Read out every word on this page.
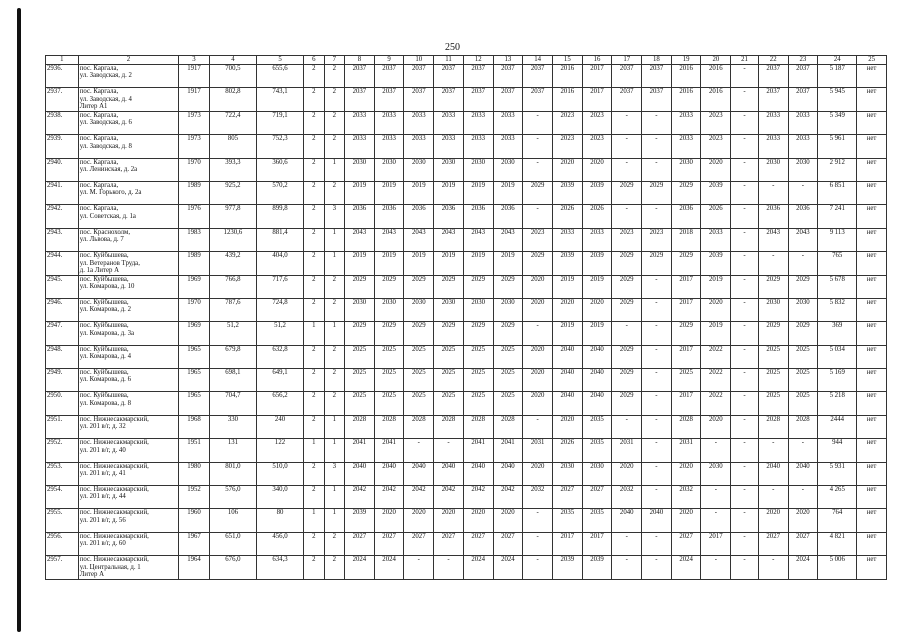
250
1	2	3	4	5	6	7	8	9	10	11	12	13	14	15	16	17	18	19	20	21	22	23	24	25
2936.	пос. Каргала,
ул. Заводская, д. 2	1917	700,5	655,6	2	2	2037	2037	2037	2037	2037	2037	2037	2016	2017	2037	2037	2016	2016	-	2037	2037	5 187	нет
2937.	пос. Каргала,
ул. Заводская, д. 4
Литер А1	1917	802,8	743,1	2	2	2037	2037	2037	2037	2037	2037	2037	2016	2017	2037	2037	2016	2016	-	2037	2037	5 945	нет
2938.	пос. Каргала,
ул. Заводская, д. 6	1973	722,4	719,1	2	2	2033	2033	2033	2033	2033	2033	-	2023	2023	-	-	2033	2023	-	2033	2033	5 349	нет
2939.	пос. Каргала,
ул. Заводская, д. 8	1973	805	752,3	2	2	2033	2033	2033	2033	2033	2033	-	2023	2023	-	-	2033	2023	-	2033	2033	5 961	нет
2940.	пос. Каргала,
ул. Ленинская, д. 2а	1970	393,3	360,6	2	1	2030	2030	2030	2030	2030	2030	-	2020	2020	-	-	2030	2020	-	2030	2030	2 912	нет
2941.	пос. Каргала,
ул. М. Горького, д. 2а	1989	925,2	570,2	2	2	2019	2019	2019	2019	2019	2019	2029	2039	2039	2029	2029	2029	2039	-	-	-	6 851	нет
2942.	пос. Каргала,
ул. Советская, д. 1а	1976	977,8	899,8	2	3	2036	2036	2036	2036	2036	2036	-	2026	2026	-	-	2036	2026	-	2036	2036	7 241	нет
2943.	пос. Краснохолм,
ул. Львова, д. 7	1983	1230,6	881,4	2	1	2043	2043	2043	2043	2043	2043	2023	2033	2033	2023	2023	2018	2033	-	2043	2043	9 113	нет
2944.	пос. Куйбышева,
ул. Ветеранов Труда,
д. 1а Литер А	1989	439,2	404,0	2	1	2019	2019	2019	2019	2019	2019	2029	2039	2039	2029	2029	2029	2039	-	-	-	765	нет
2945.	пос. Куйбышева,
ул. Комарова, д. 10	1969	766,8	717,6	2	2	2029	2029	2029	2029	2029	2029	2020	2019	2019	2029	-	2017	2019	-	2029	2029	5 678	нет
2946.	пос. Куйбышева,
ул. Комарова, д. 2	1970	787,6	724,8	2	2	2030	2030	2030	2030	2030	2030	2020	2020	2020	2029	-	2017	2020	-	2030	2030	5 832	нет
2947.	пос. Куйбышева,
ул. Комарова, д. 3а	1969	51,2	51,2	1	1	2029	2029	2029	2029	2029	2029	-	2019	2019	-	-	2029	2019	-	2029	2029	369	нет
2948.	пос. Куйбышева,
ул. Комарова, д. 4	1965	679,8	632,8	2	2	2025	2025	2025	2025	2025	2025	2020	2040	2040	2029	-	2017	2022	-	2025	2025	5 034	нет
2949.	пос. Куйбышева,
ул. Комарова, д. 6	1965	698,1	649,1	2	2	2025	2025	2025	2025	2025	2025	2020	2040	2040	2029	-	2025	2022	-	2025	2025	5 169	нет
2950.	пос. Куйбышева,
ул. Комарова, д. 8	1965	704,7	656,2	2	2	2025	2025	2025	2025	2025	2025	2020	2040	2040	2029	-	2017	2022	-	2025	2025	5 218	нет
2951.	пос. Нижнесакмарский,
ул. 201 в/г, д. 32	1968	330	240	2	1	2028	2028	2028	2028	2028	2028	-	2020	2035	-	-	2028	2020	-	2028	2028	2444	нет
2952.	пос. Нижнесакмарский,
ул. 201 в/г, д. 40	1951	131	122	1	1	2041	2041	-	-	2041	2041	2031	2026	2035	2031	-	2031	-	-	-	-	944	нет
2953.	пос. Нижнесакмарский,
ул. 201 в/г, д. 41	1980	801,0	510,0	2	3	2040	2040	2040	2040	2040	2040	2020	2030	2030	2020	-	2020	2030	-	2040	2040	5 931	нет
2954.	пос. Нижнесакмарский,
ул. 201 в/г, д. 44	1952	576,0	340,0	2	1	2042	2042	2042	2042	2042	2042	2032	2027	2027	2032	-	2032	-	-	-	-	4 265	нет
2955.	пос. Нижнесакмарский,
ул. 201 в/г, д. 56	1960	106	80	1	1	2039	2020	2020	2020	2020	2020	-	2035	2035	2040	2040	2020	-	-	2020	2020	764	нет
2956.	пос. Нижнесакмарский,
ул. 201 в/г, д. 60	1967	651,0	456,0	2	2	2027	2027	2027	2027	2027	2027	-	2017	2017	-	-	2027	2017	-	2027	2027	4 821	нет
2957.	пос. Нижнесакмарский,
ул. Центральная, д. 1
Литер А	1964	676,0	634,3	2	2	2024	2024	-	-	2024	2024	-	2039	2039	-	-	2024	-	-	-	2024	5 006	нет
